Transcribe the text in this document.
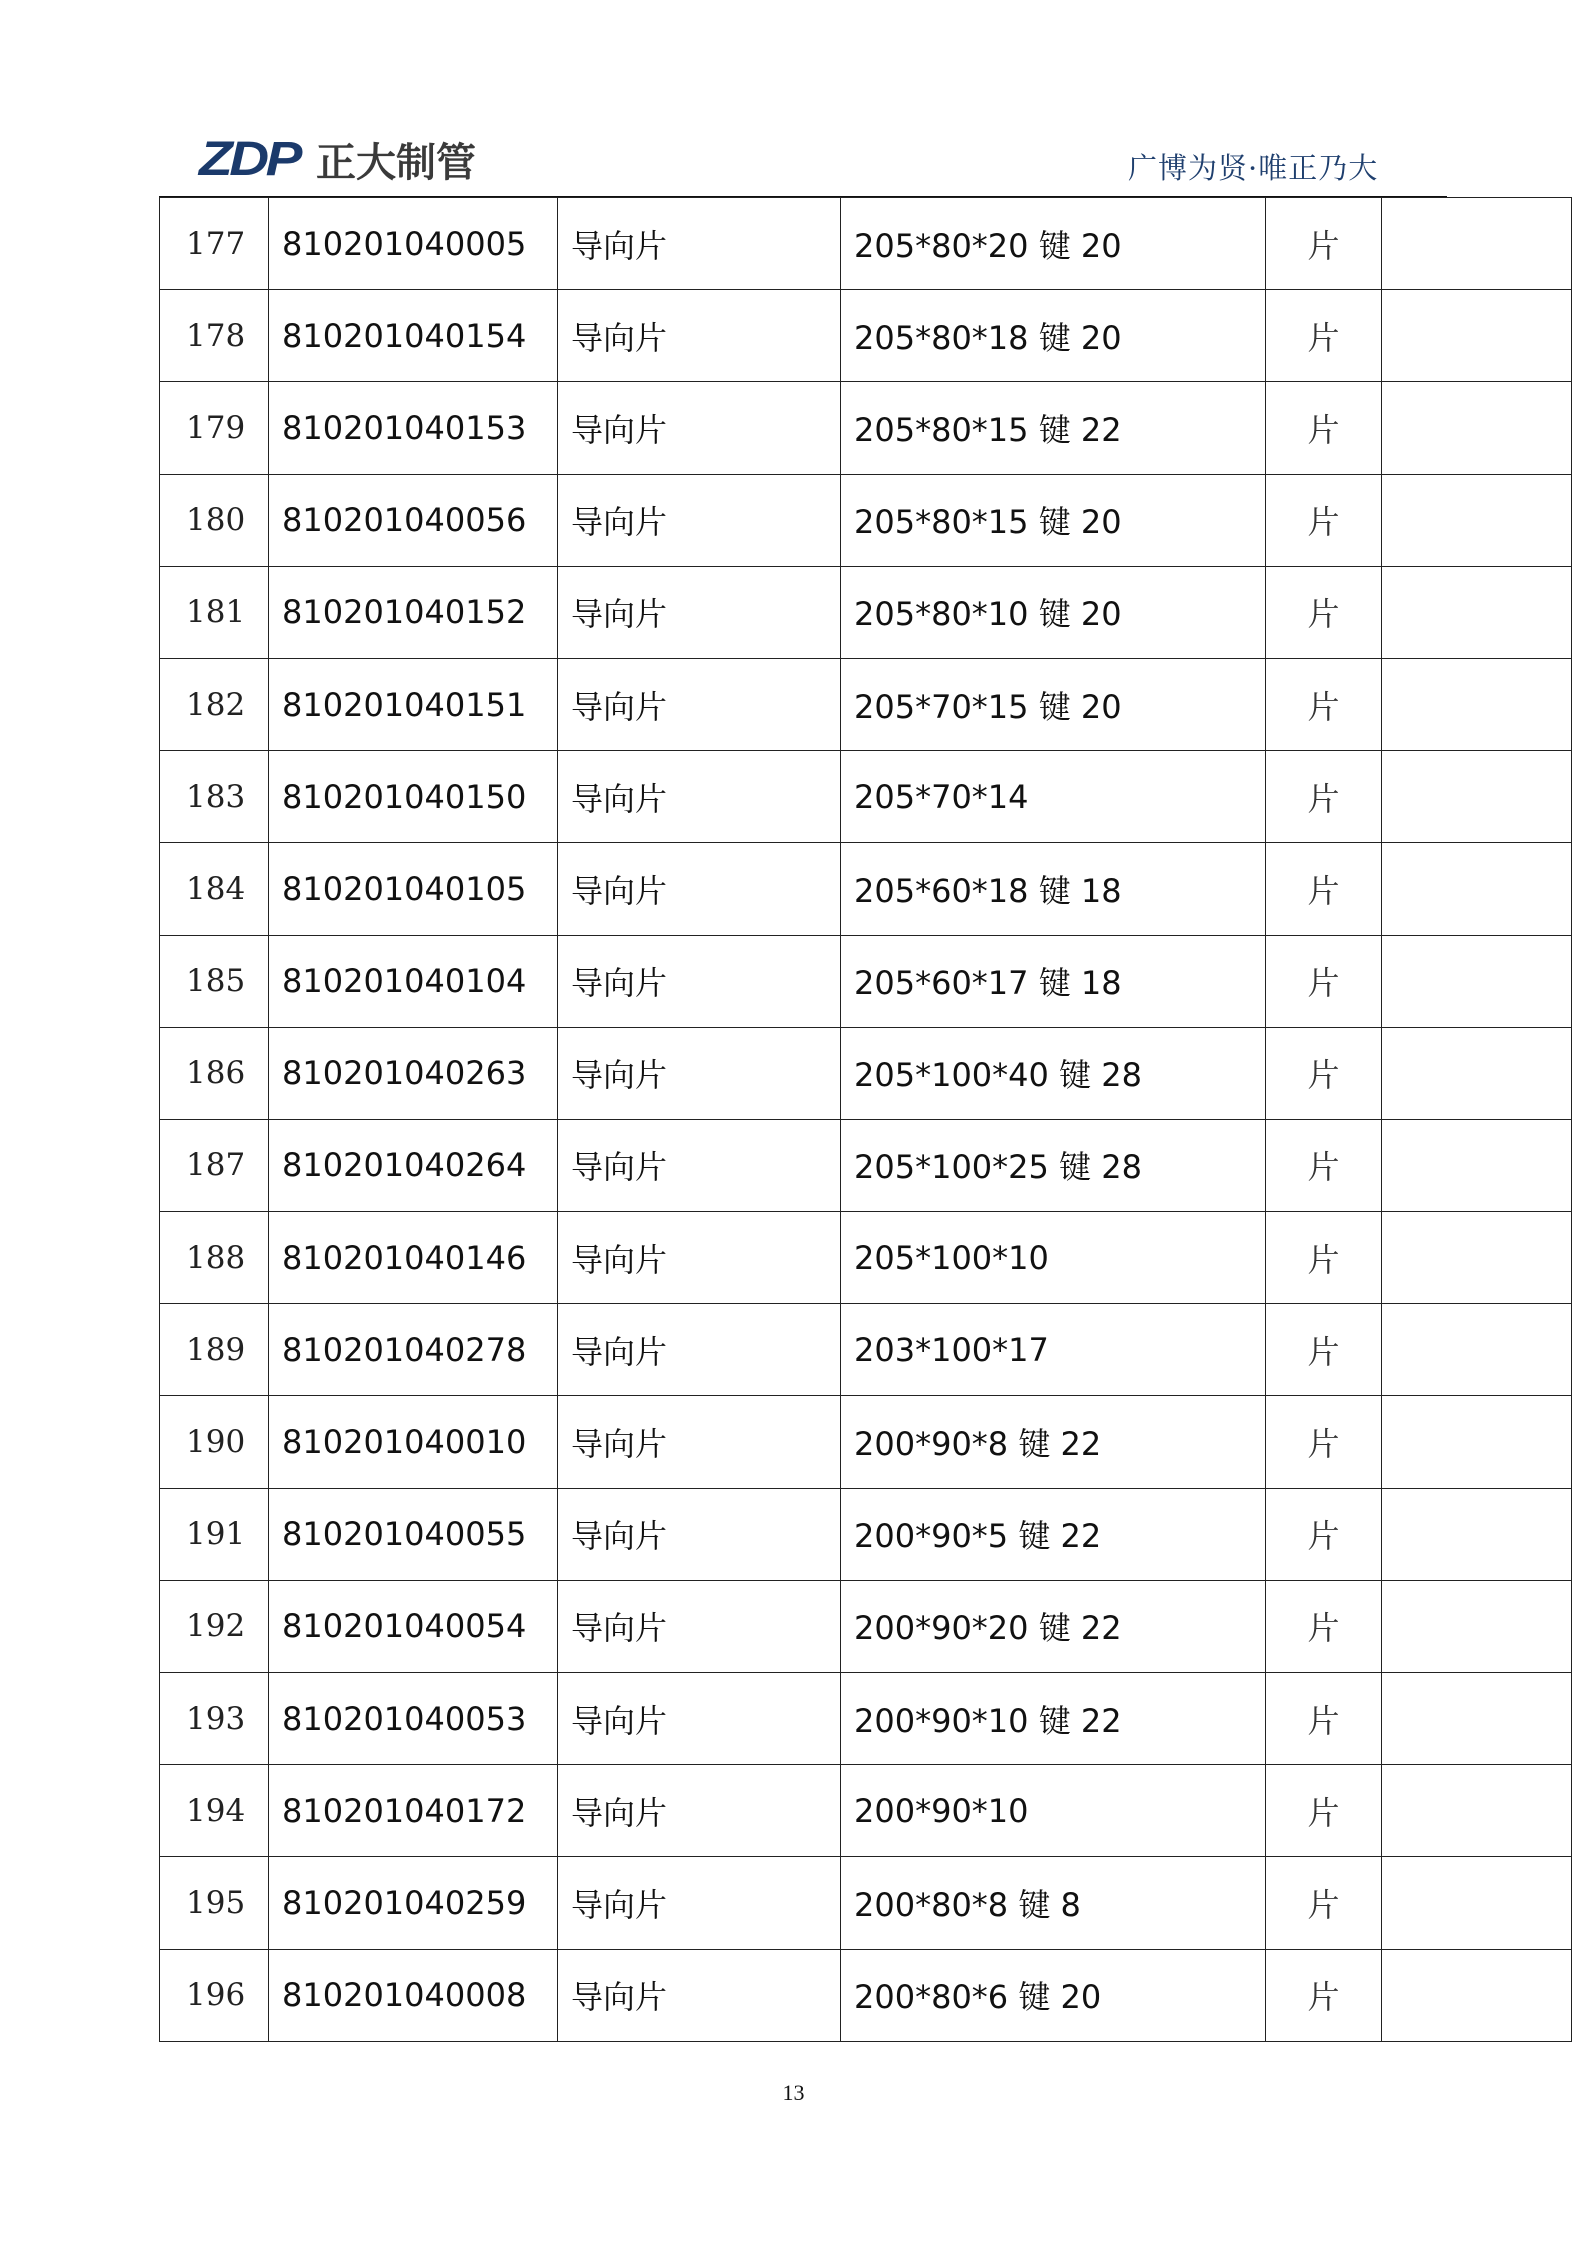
ZDP 正大制管	广博为贤·唯正乃大
177	810201040005	导向片	205*80*20 键 20	片	
178	810201040154	导向片	205*80*18 键 20	片	
179	810201040153	导向片	205*80*15 键 22	片	
180	810201040056	导向片	205*80*15 键 20	片	
181	810201040152	导向片	205*80*10 键 20	片	
182	810201040151	导向片	205*70*15 键 20	片	
183	810201040150	导向片	205*70*14	片	
184	810201040105	导向片	205*60*18 键 18	片	
185	810201040104	导向片	205*60*17 键 18	片	
186	810201040263	导向片	205*100*40 键 28	片	
187	810201040264	导向片	205*100*25 键 28	片	
188	810201040146	导向片	205*100*10	片	
189	810201040278	导向片	203*100*17	片	
190	810201040010	导向片	200*90*8 键 22	片	
191	810201040055	导向片	200*90*5 键 22	片	
192	810201040054	导向片	200*90*20 键 22	片	
193	810201040053	导向片	200*90*10 键 22	片	
194	810201040172	导向片	200*90*10	片	
195	810201040259	导向片	200*80*8 键 8	片	
196	810201040008	导向片	200*80*6 键 20	片	
13
